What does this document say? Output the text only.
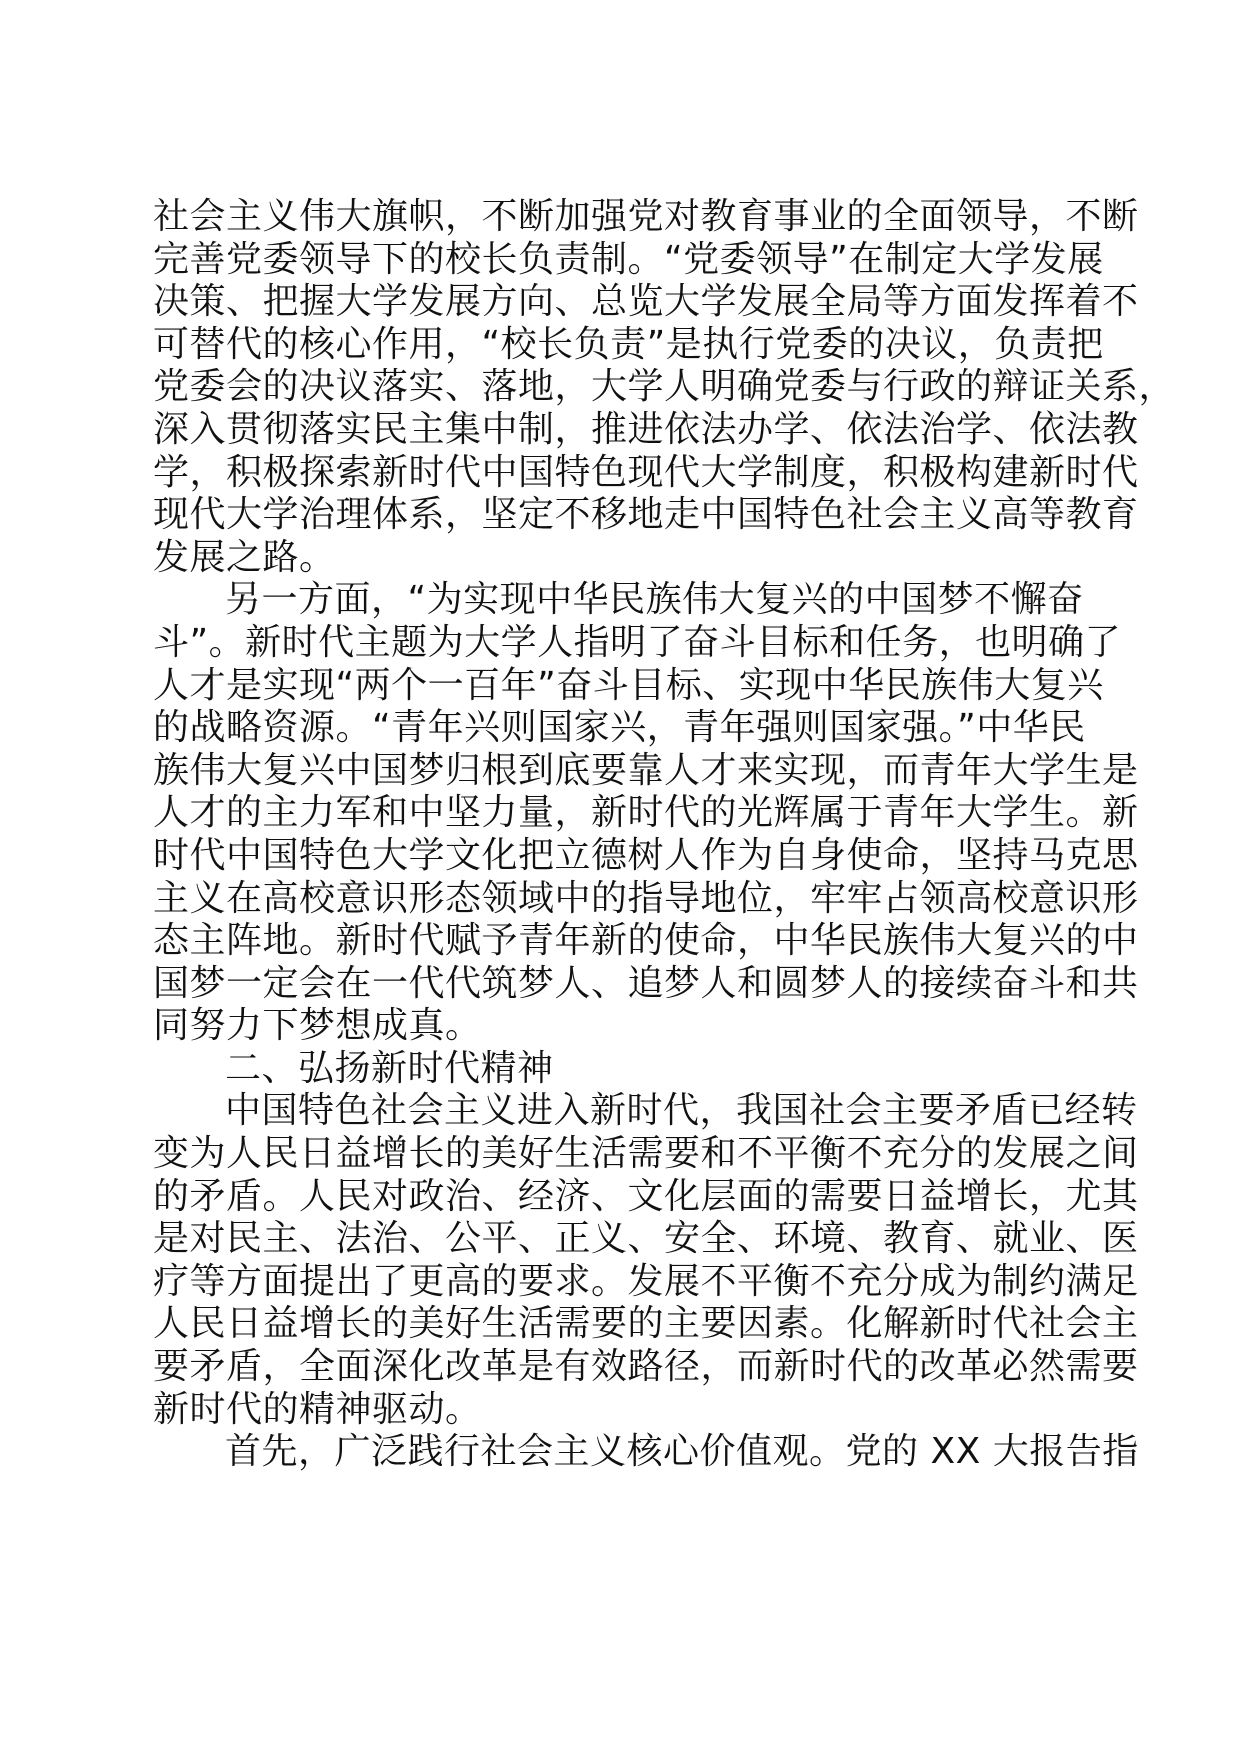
社会主义伟大旗帜，不断加强党对教育事业的全面领导，不断
完善党委领导下的校长负责制。“党委领导”在制定大学发展
决策、把握大学发展方向、总览大学发展全局等方面发挥着不
可替代的核心作用，“校长负责”是执行党委的决议，负责把
党委会的决议落实、落地，大学人明确党委与行政的辩证关系，
深入贯彻落实民主集中制，推进依法办学、依法治学、依法教
学，积极探索新时代中国特色现代大学制度，积极构建新时代
现代大学治理体系，坚定不移地走中国特色社会主义高等教育
发展之路。
另一方面，“为实现中华民族伟大复兴的中国梦不懈奋
斗”。新时代主题为大学人指明了奋斗目标和任务，也明确了
人才是实现“两个一百年”奋斗目标、实现中华民族伟大复兴
的战略资源。“青年兴则国家兴，青年强则国家强。”中华民
族伟大复兴中国梦归根到底要靠人才来实现，而青年大学生是
人才的主力军和中坚力量，新时代的光辉属于青年大学生。新
时代中国特色大学文化把立德树人作为自身使命，坚持马克思
主义在高校意识形态领域中的指导地位，牢牢占领高校意识形
态主阵地。新时代赋予青年新的使命，中华民族伟大复兴的中
国梦一定会在一代代筑梦人、追梦人和圆梦人的接续奋斗和共
同努力下梦想成真。
二、弘扬新时代精神
中国特色社会主义进入新时代，我国社会主要矛盾已经转
变为人民日益增长的美好生活需要和不平衡不充分的发展之间
的矛盾。人民对政治、经济、文化层面的需要日益增长，尤其
是对民主、法治、公平、正义、安全、环境、教育、就业、医
疗等方面提出了更高的要求。发展不平衡不充分成为制约满足
人民日益增长的美好生活需要的主要因素。化解新时代社会主
要矛盾，全面深化改革是有效路径，而新时代的改革必然需要
新时代的精神驱动。
首先，广泛践行社会主义核心价值观。党的 XX 大报告指
